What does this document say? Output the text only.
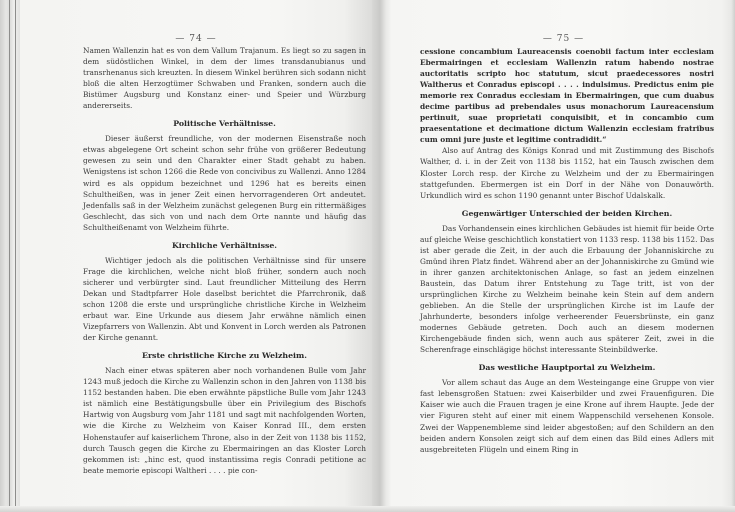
— 74 —

Namen Wallenzin hat es von dem Vallum Trajanum. Es liegt so zu sagen in dem südöstlichen Winkel, in dem der limes transdanubianus und transrhenanus sich kreuzten. In diesem Winkel berühren sich sodann nicht bloß die alten Herzogtümer Schwaben und Franken, sondern auch die Bistümer Augsburg und Konstanz einer- und Speier und Würzburg andererseits.

Politische Verhältnisse.

Dieser äußerst freundliche, von der modernen Eisenstraße noch etwas abgelegene Ort scheint schon sehr frühe von größerer Bedeutung gewesen zu sein und den Charakter einer Stadt gehabt zu haben. Wenigstens ist schon 1266 die Rede von concivibus zu Wallenzi. Anno 1284 wird es als oppidum bezeichnet und 1296 hat es bereits einen Schultheißen, was in jener Zeit einen hervorragenderen Ort andeutet. Jedenfalls saß in der Welzheim zunächst gelegenen Burg ein rittermäßiges Geschlecht, das sich von und nach dem Orte nannte und häufig das Schultheißenamt von Welzheim führte.

Kirchliche Verhältnisse.

Wichtiger jedoch als die politischen Verhältnisse sind für unsere Frage die kirchlichen, welche nicht bloß früher, sondern auch noch sicherer und verbürgter sind. Laut freundlicher Mitteilung des Herrn Dekan und Stadtpfarrer Hole daselbst berichtet die Pfarrchronik, daß schon 1208 die erste und ursprüngliche christliche Kirche in Welzheim erbaut war. Eine Urkunde aus diesem Jahr erwähne nämlich einen Vizepfarrers von Wallenzin. Abt und Konvent in Lorch werden als Patronen der Kirche genannt.

Erste christliche Kirche zu Welzheim.

Nach einer etwas späteren aber noch vorhandenen Bulle vom Jahr 1243 muß jedoch die Kirche zu Wallenzin schon in den Jahren von 1138 bis 1152 bestanden haben. Die eben erwähnte päpstliche Bulle vom Jahr 1243 ist nämlich eine Bestätigungsbulle über ein Privilegium des Bischofs Hartwig von Augsburg vom Jahr 1181 und sagt mit nachfolgenden Worten, wie die Kirche zu Welzheim von Kaiser Konrad III., dem ersten Hohenstaufer auf kaiserlichem Throne, also in der Zeit von 1138 bis 1152, durch Tausch gegen die Kirche zu Ebermairingen an das Kloster Lorch gekommen ist: „hinc est, quod instantissima regis Conradi petitione ac beate memorie episcopi Waltheri . . . . pie con-

— 75 —

cessione concambium Laureacensis coenobii factum inter ecclesiam Ebermairingen et ecclesiam Wallenzin ratum habendo nostrae auctoritatis scripto hoc statutum, sicut praedecessores nostri Waltherus et Conradus episcopi . . . . indulsimus. Predictus enim pie memorie rex Conradus ecclesiam in Ebermairingen, que cum duabus decime partibus ad prebendales usus monachorum Laureacensium pertinuit, suae proprietati conquisibit, et in concambio cum praesentatione et decimatione dictum Wallenzin ecclesiam fratribus cum omni jure juste et legitime contradidit.“

Also auf Antrag des Königs Konrad und mit Zustimmung des Bischofs Walther, d. i. in der Zeit von 1138 bis 1152, hat ein Tausch zwischen dem Kloster Lorch resp. der Kirche zu Welzheim und der zu Ebermairingen stattgefunden. Ebermergen ist ein Dorf in der Nähe von Donauwörth. Urkundlich wird es schon 1190 genannt unter Bischof Udalskalk.

Gegenwärtiger Unterschied der beiden Kirchen.

Das Vorhandensein eines kirchlichen Gebäudes ist hiemit für beide Orte auf gleiche Weise geschichtlich konstatiert von 1133 resp. 1138 bis 1152. Das ist aber gerade die Zeit, in der auch die Erbauung der Johanniskirche zu Gmünd ihren Platz findet. Während aber an der Johanniskirche zu Gmünd wie in ihrer ganzen architektonischen Anlage, so fast an jedem einzelnen Baustein, das Datum ihrer Entstehung zu Tage tritt, ist von der ursprünglichen Kirche zu Welzheim beinahe kein Stein auf dem andern geblieben. An die Stelle der ursprünglichen Kirche ist im Laufe der Jahrhunderte, besonders infolge verheerender Feuersbrünste, ein ganz modernes Gebäude getreten. Doch auch an diesem modernen Kirchengebäude finden sich, wenn auch aus späterer Zeit, zwei in die Scherenfrage einschlägige höchst interessante Steinbildwerke.

Das westliche Hauptportal zu Welzheim.

Vor allem schaut das Auge an dem Westeingange eine Gruppe von vier fast lebensgroßen Statuen: zwei Kaiserbilder und zwei Frauenfiguren. Die Kaiser wie auch die Frauen tragen je eine Krone auf ihrem Haupte. Jede der vier Figuren steht auf einer mit einem Wappenschild versehenen Konsole. Zwei der Wappenembleme sind leider abgestoßen; auf den Schildern an den beiden andern Konsolen zeigt sich auf dem einen das Bild eines Adlers mit ausgebreiteten Flügeln und einem Ring in
